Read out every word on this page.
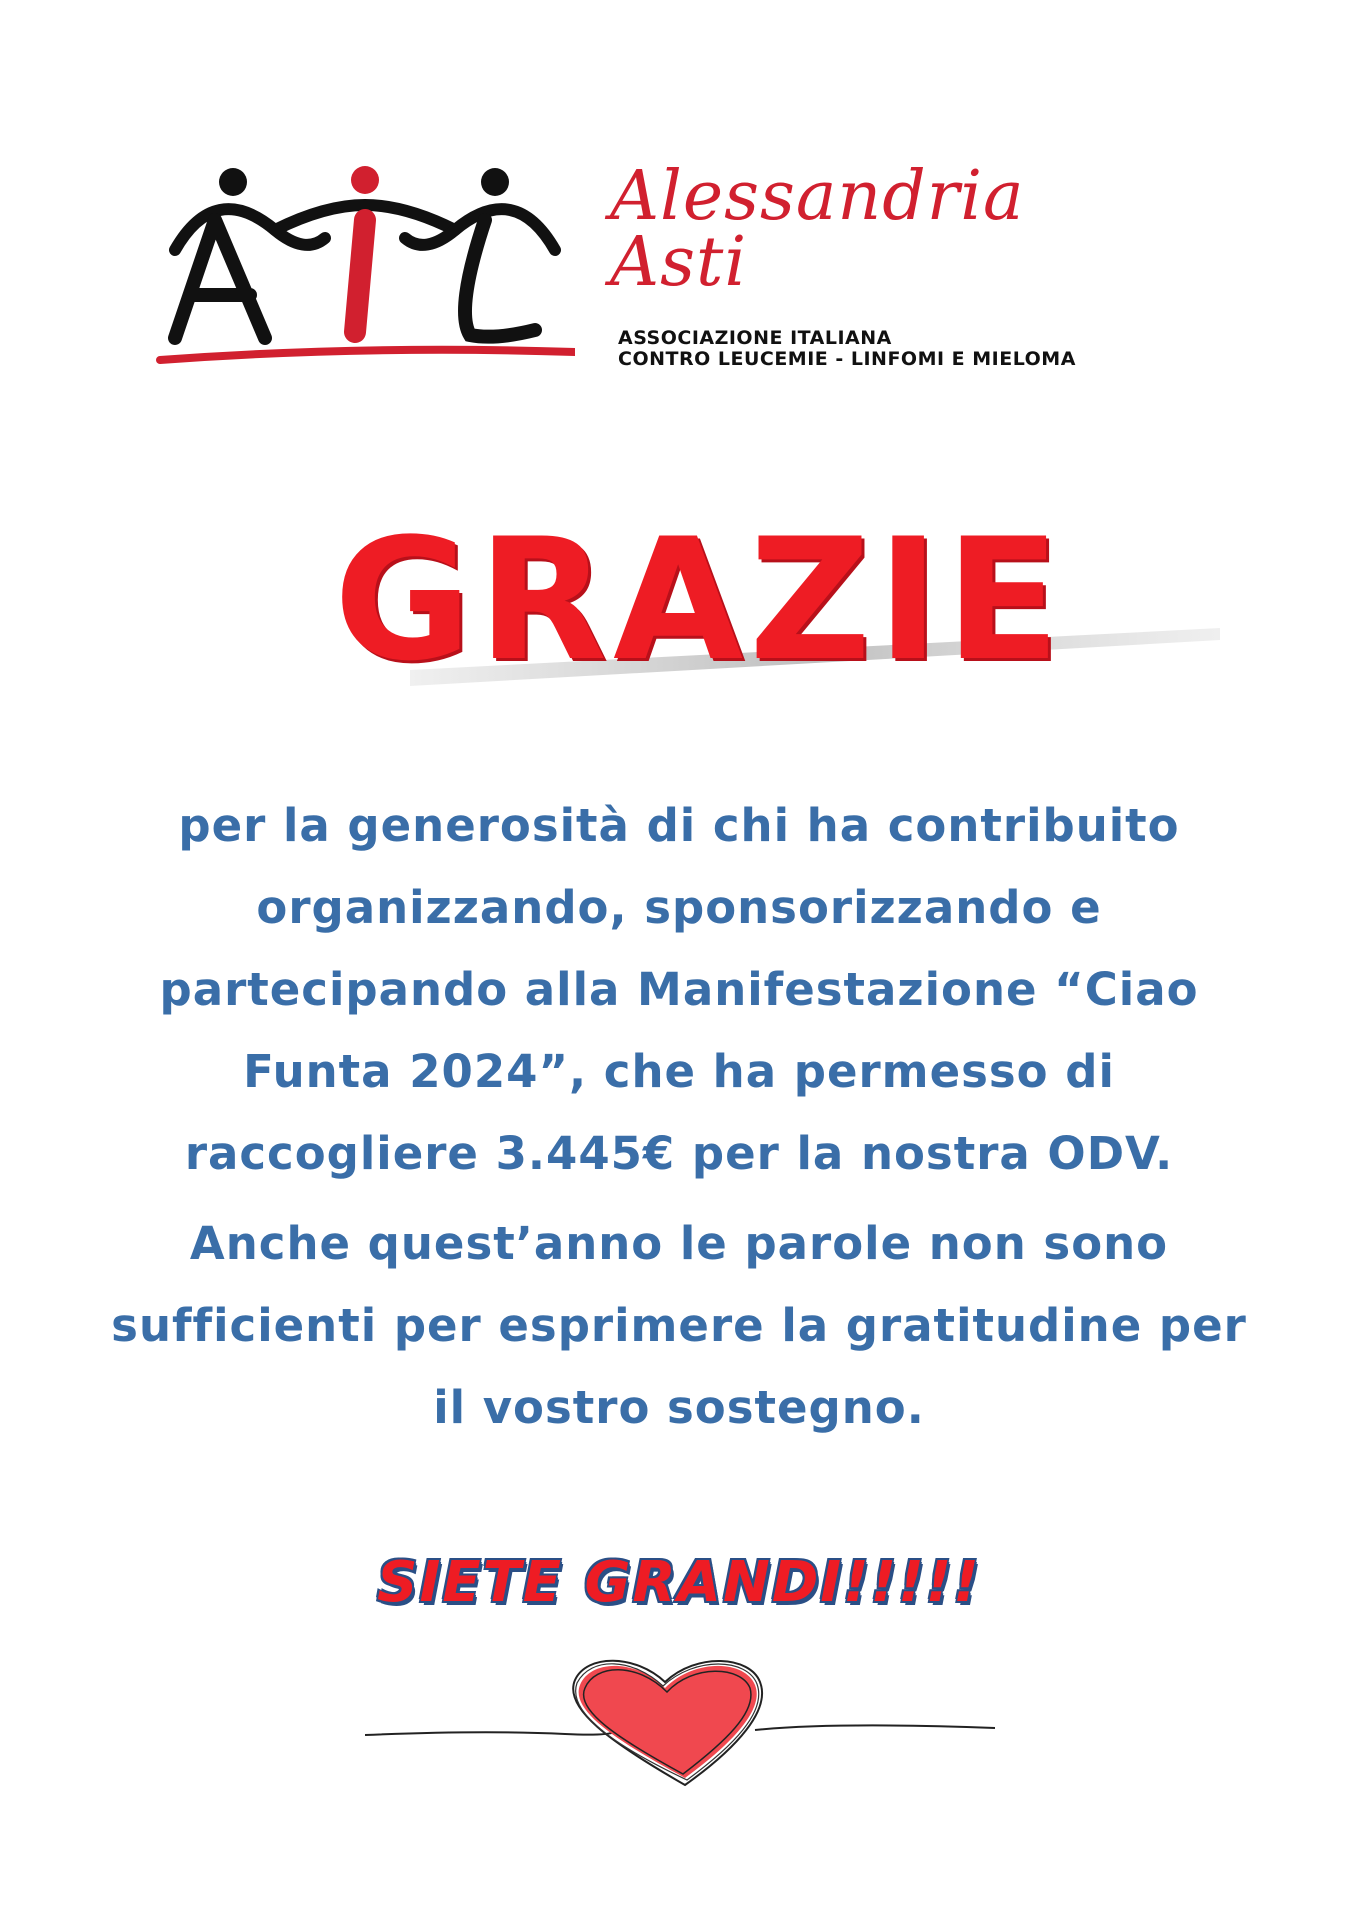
Alessandria
Asti
ASSOCIAZIONE ITALIANA
CONTRO LEUCEMIE - LINFOMI E MIELOMA
GRAZIE

per la generosità di chi ha contribuito organizzando, sponsorizzando e partecipando alla Manifestazione “Ciao Funta 2024”, che ha permesso di raccogliere 3.445€ per la nostra ODV.

Anche quest’anno le parole non sono sufficienti per esprimere la gratitudine per il vostro sostegno.

SIETE GRANDI!!!!!
